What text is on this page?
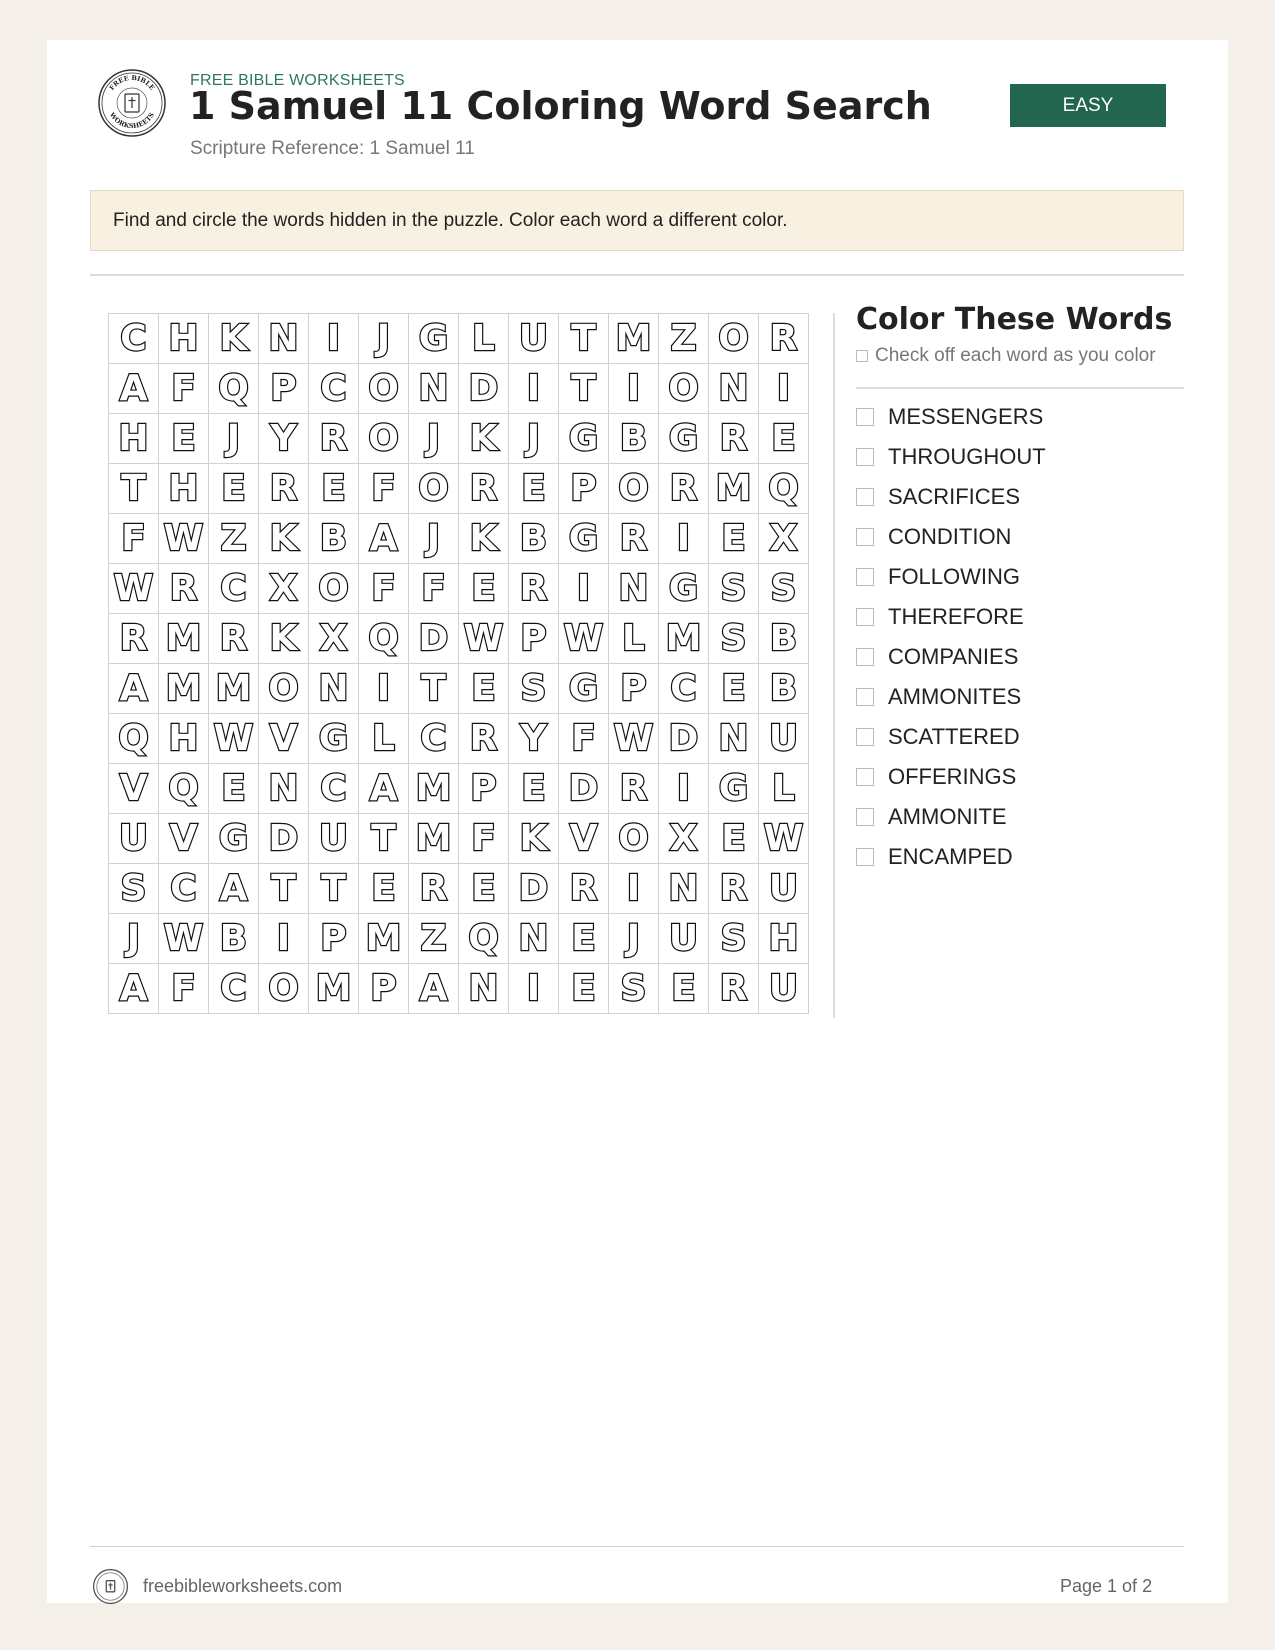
FREE BIBLE
WORKSHEETS
FREE BIBLE WORKSHEETS
1 Samuel 11 Coloring Word Search
Scripture Reference: 1 Samuel 11
EASY
Find and circle the words hidden in the puzzle. Color each word a different color.
C H K N I	J G L U T M Z O R
A F Q P C O N D I T I O N I
H E J Y R O J K J G B G R E
T H E R E F O R E P O R M Q
F W Z K B A J K B G R I E X
W R C X O F F E R I N G S S
R M R K X Q D W P W L M S B
A M M O N I T E S G P C E B
Q H W V G L C R Y F W D N U
V Q E N C A M P E D R I G L
U V G D U T M F K V O X E W
S C A T T E R E D R I N R U
J W B I P M Z Q N E J U S H
A F C O M P A N I E S E R U
Color These Words
Check off each word as you color
MESSENGERS
THROUGHOUT
SACRIFICES
CONDITION
FOLLOWING
THEREFORE
COMPANIES
AMMONITES
SCATTERED
OFFERINGS
AMMONITE
ENCAMPED
freebibleworksheets.com	Page 1 of 2
